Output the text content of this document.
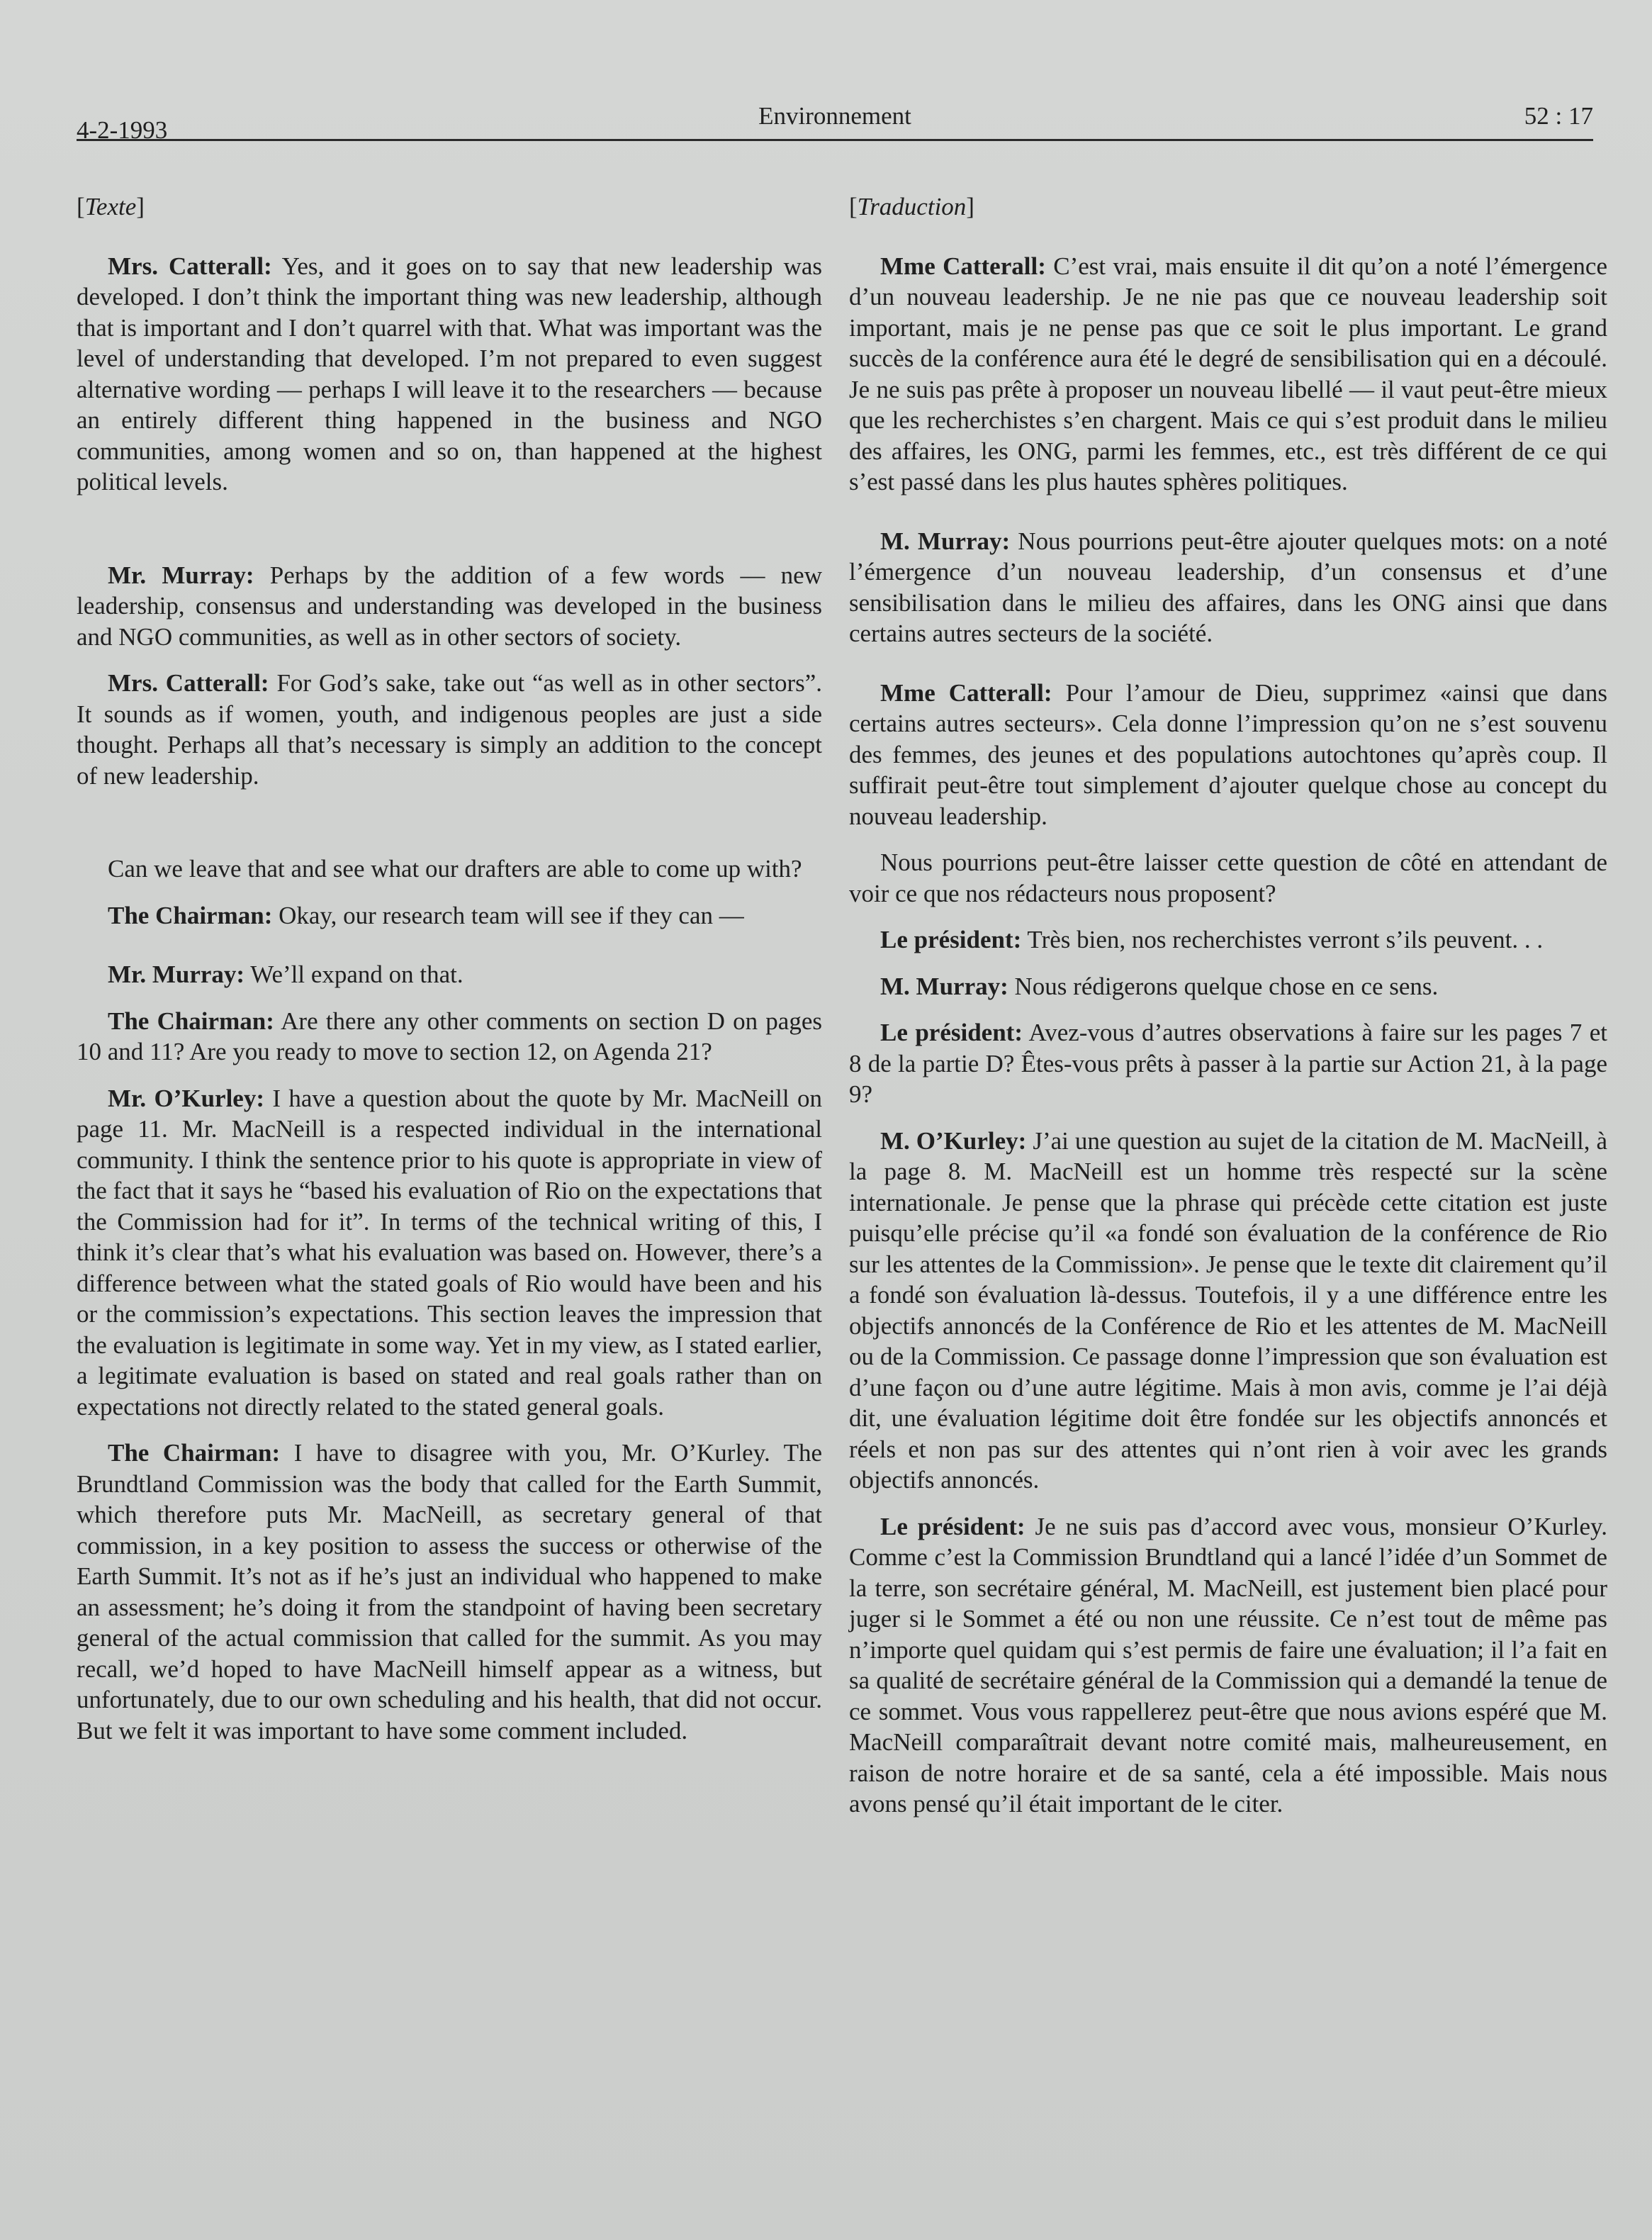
4-2-1993
Environnement	52 : 17
[Texte]

Mrs. Catterall: Yes, and it goes on to say that new leadership was developed. I don’t think the important thing was new leadership, although that is important and I don’t quarrel with that. What was important was the level of understanding that developed. I’m not prepared to even suggest alternative wording — perhaps I will leave it to the researchers — because an entirely different thing happened in the business and NGO communities, among women and so on, than happened at the highest political levels.

Mr. Murray: Perhaps by the addition of a few words — new leadership, consensus and understanding was developed in the business and NGO communities, as well as in other sectors of society.

Mrs. Catterall: For God’s sake, take out “as well as in other sectors”. It sounds as if women, youth, and indigenous peoples are just a side thought. Perhaps all that’s necessary is simply an addition to the concept of new leadership.

Can we leave that and see what our drafters are able to come up with?

The Chairman: Okay, our research team will see if they can —

Mr. Murray: We’ll expand on that.

The Chairman: Are there any other comments on section D on pages 10 and 11? Are you ready to move to section 12, on Agenda 21?

Mr. O’Kurley: I have a question about the quote by Mr. MacNeill on page 11. Mr. MacNeill is a respected individual in the international community. I think the sentence prior to his quote is appropriate in view of the fact that it says he “based his evaluation of Rio on the expectations that the Commission had for it”. In terms of the technical writing of this, I think it’s clear that’s what his evaluation was based on. However, there’s a difference between what the stated goals of Rio would have been and his or the commission’s expectations. This section leaves the impression that the evaluation is legitimate in some way. Yet in my view, as I stated earlier, a legitimate evaluation is based on stated and real goals rather than on expectations not directly related to the stated general goals.

The Chairman: I have to disagree with you, Mr. O’Kurley. The Brundtland Commission was the body that called for the Earth Summit, which therefore puts Mr. MacNeill, as secretary general of that commission, in a key position to assess the success or otherwise of the Earth Summit. It’s not as if he’s just an individual who happened to make an assessment; he’s doing it from the standpoint of having been secretary general of the actual commission that called for the summit. As you may recall, we’d hoped to have MacNeill himself appear as a witness, but unfortunately, due to our own scheduling and his health, that did not occur. But we felt it was important to have some comment included.

[Traduction]

Mme Catterall: C’est vrai, mais ensuite il dit qu’on a noté l’émergence d’un nouveau leadership. Je ne nie pas que ce nouveau leadership soit important, mais je ne pense pas que ce soit le plus important. Le grand succès de la conférence aura été le degré de sensibilisation qui en a découlé. Je ne suis pas prête à proposer un nouveau libellé — il vaut peut-être mieux que les recherchistes s’en chargent. Mais ce qui s’est produit dans le milieu des affaires, les ONG, parmi les femmes, etc., est très différent de ce qui s’est passé dans les plus hautes sphères politiques.

M. Murray: Nous pourrions peut-être ajouter quelques mots: on a noté l’émergence d’un nouveau leadership, d’un consensus et d’une sensibilisation dans le milieu des affaires, dans les ONG ainsi que dans certains autres secteurs de la société.

Mme Catterall: Pour l’amour de Dieu, supprimez «ainsi que dans certains autres secteurs». Cela donne l’impression qu’on ne s’est souvenu des femmes, des jeunes et des populations autochtones qu’après coup. Il suffirait peut-être tout simplement d’ajouter quelque chose au concept du nouveau leadership.

Nous pourrions peut-être laisser cette question de côté en attendant de voir ce que nos rédacteurs nous proposent?

Le président: Très bien, nos recherchistes verront s’ils peuvent. . .

M. Murray: Nous rédigerons quelque chose en ce sens.

Le président: Avez-vous d’autres observations à faire sur les pages 7 et 8 de la partie D? Êtes-vous prêts à passer à la partie sur Action 21, à la page 9?

M. O’Kurley: J’ai une question au sujet de la citation de M. MacNeill, à la page 8. M. MacNeill est un homme très respecté sur la scène internationale. Je pense que la phrase qui précède cette citation est juste puisqu’elle précise qu’il «a fondé son évaluation de la conférence de Rio sur les attentes de la Commission». Je pense que le texte dit clairement qu’il a fondé son évaluation là-dessus. Toutefois, il y a une différence entre les objectifs annoncés de la Conférence de Rio et les attentes de M. MacNeill ou de la Commission. Ce passage donne l’impression que son évaluation est d’une façon ou d’une autre légitime. Mais à mon avis, comme je l’ai déjà dit, une évaluation légitime doit être fondée sur les objectifs annoncés et réels et non pas sur des attentes qui n’ont rien à voir avec les grands objectifs annoncés.

Le président: Je ne suis pas d’accord avec vous, monsieur O’Kurley. Comme c’est la Commission Brundtland qui a lancé l’idée d’un Sommet de la terre, son secrétaire général, M. MacNeill, est justement bien placé pour juger si le Sommet a été ou non une réussite. Ce n’est tout de même pas n’importe quel quidam qui s’est permis de faire une évaluation; il l’a fait en sa qualité de secrétaire général de la Commission qui a demandé la tenue de ce sommet. Vous vous rappellerez peut-être que nous avions espéré que M. MacNeill comparaîtrait devant notre comité mais, malheureusement, en raison de notre horaire et de sa santé, cela a été impossible. Mais nous avons pensé qu’il était important de le citer.
